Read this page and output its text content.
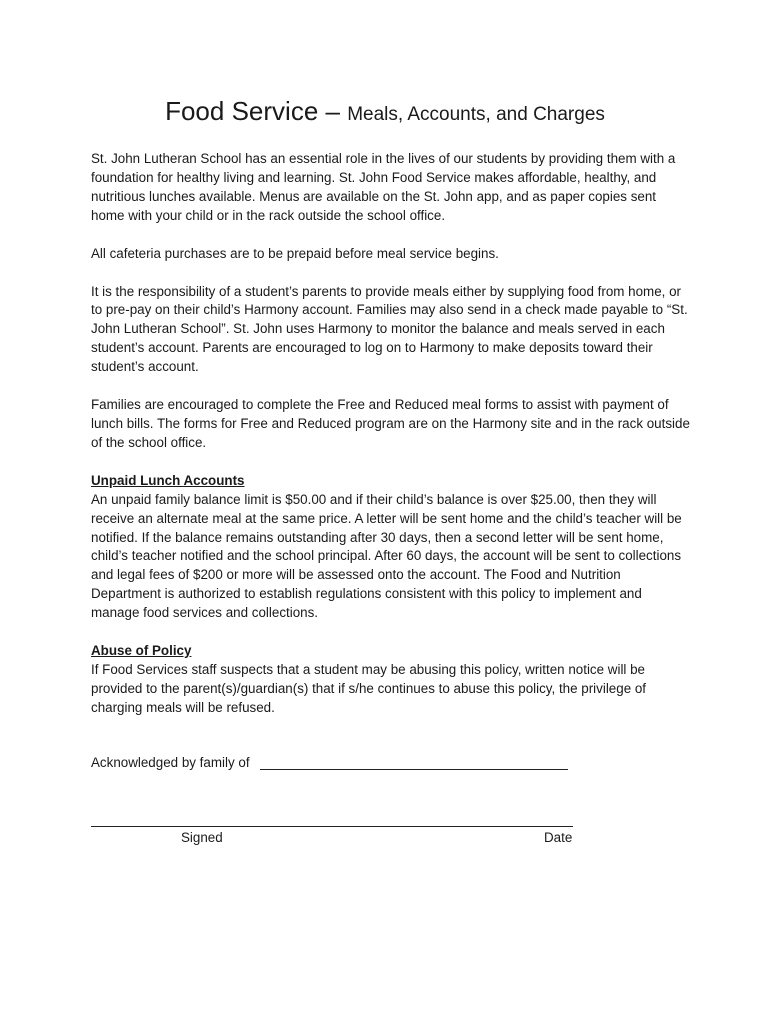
Food Service – Meals, Accounts, and Charges

St. John Lutheran School has an essential role in the lives of our students by providing them with a foundation for healthy living and learning. St. John Food Service makes affordable, healthy, and nutritious lunches available. Menus are available on the St. John app, and as paper copies sent home with your child or in the rack outside the school office.

All cafeteria purchases are to be prepaid before meal service begins.

It is the responsibility of a student’s parents to provide meals either by supplying food from home, or to pre-pay on their child’s Harmony account. Families may also send in a check made payable to “St. John Lutheran School”. St. John uses Harmony to monitor the balance and meals served in each student’s account. Parents are encouraged to log on to Harmony to make deposits toward their student’s account.

Families are encouraged to complete the Free and Reduced meal forms to assist with payment of lunch bills. The forms for Free and Reduced program are on the Harmony site and in the rack outside of the school office.

Unpaid Lunch Accounts
An unpaid family balance limit is $50.00 and if their child’s balance is over $25.00, then they will receive an alternate meal at the same price. A letter will be sent home and the child’s teacher will be notified. If the balance remains outstanding after 30 days, then a second letter will be sent home, child’s teacher notified and the school principal. After 60 days, the account will be sent to collections and legal fees of $200 or more will be assessed onto the account. The Food and Nutrition Department is authorized to establish regulations consistent with this policy to implement and manage food services and collections.

Abuse of Policy
If Food Services staff suspects that a student may be abusing this policy, written notice will be provided to the parent(s)/guardian(s) that if s/he continues to abuse this policy, the privilege of charging meals will be refused.

Acknowledged by family of
Signed	Date
